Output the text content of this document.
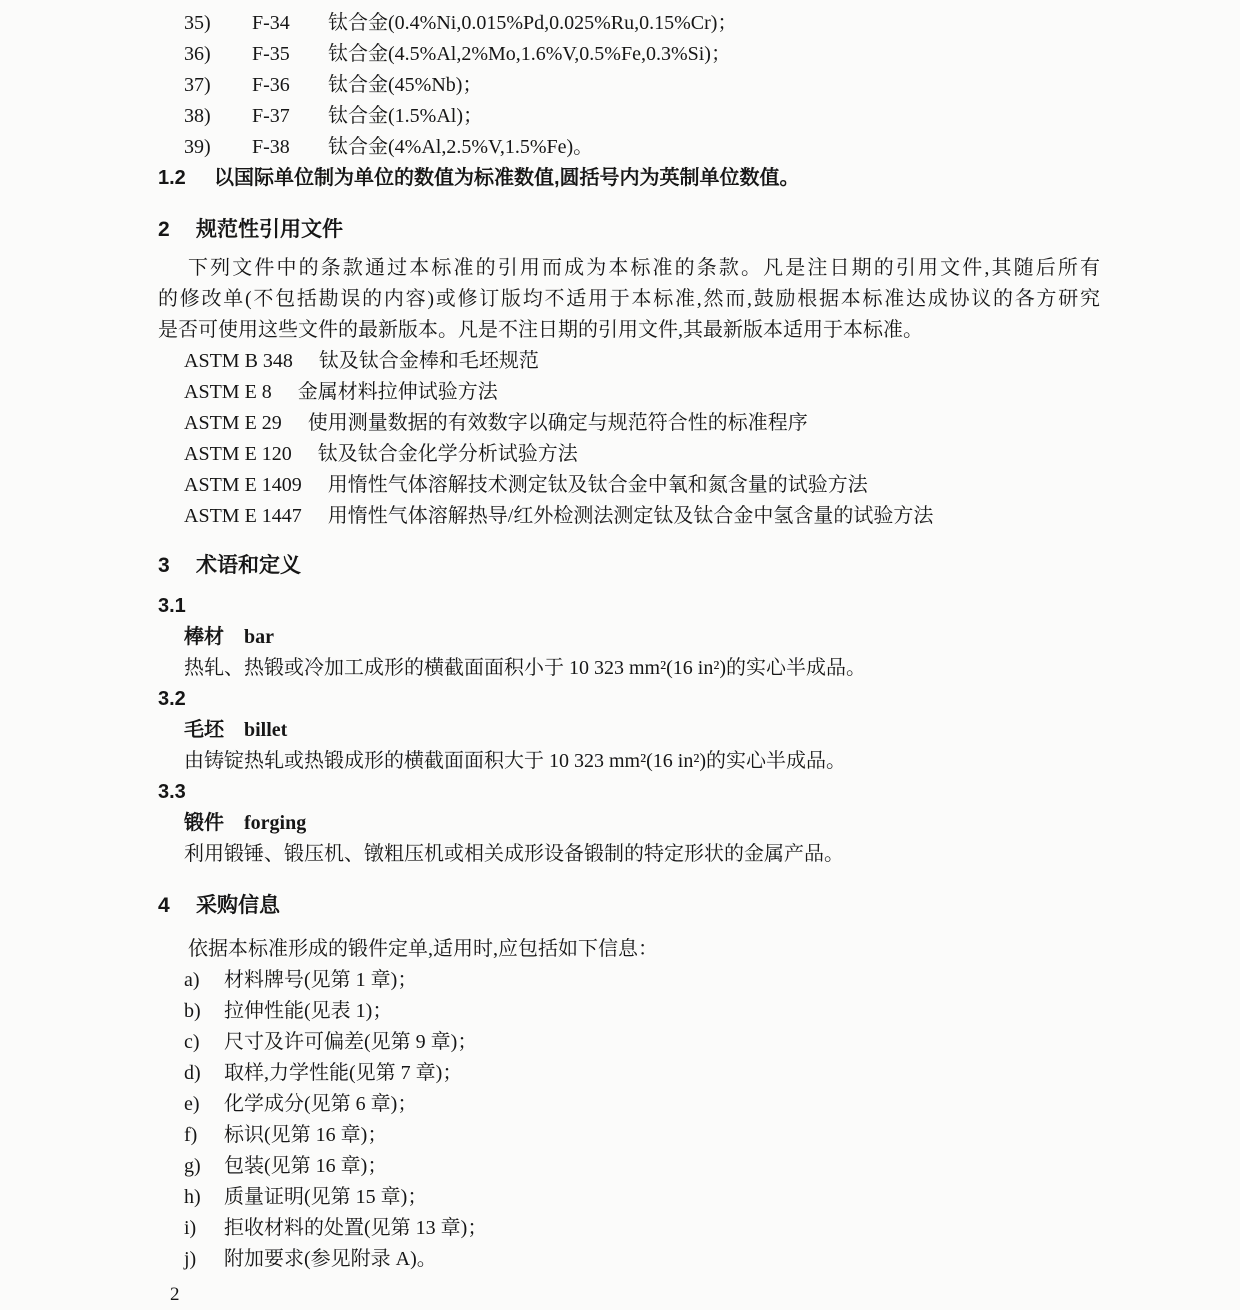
35) F-34 钛合金(0.4%Ni,0.015%Pd,0.025%Ru,0.15%Cr)；
36) F-35 钛合金(4.5%Al,2%Mo,1.6%V,0.5%Fe,0.3%Si)；
37) F-36 钛合金(45%Nb)；
38) F-37 钛合金(1.5%Al)；
39) F-38 钛合金(4%Al,2.5%V,1.5%Fe)。
1.2 以国际单位制为单位的数值为标准数值,圆括号内为英制单位数值。
2 规范性引用文件
下列文件中的条款通过本标准的引用而成为本标准的条款。凡是注日期的引用文件,其随后所有
的修改单(不包括勘误的内容)或修订版均不适用于本标准,然而,鼓励根据本标准达成协议的各方研究
是否可使用这些文件的最新版本。凡是不注日期的引用文件,其最新版本适用于本标准。
ASTM B 348 钛及钛合金棒和毛坯规范
ASTM E 8 金属材料拉伸试验方法
ASTM E 29 使用测量数据的有效数字以确定与规范符合性的标准程序
ASTM E 120 钛及钛合金化学分析试验方法
ASTM E 1409 用惰性气体溶解技术测定钛及钛合金中氧和氮含量的试验方法
ASTM E 1447 用惰性气体溶解热导/红外检测法测定钛及钛合金中氢含量的试验方法
3 术语和定义
3.1
棒材 bar
热轧、热锻或冷加工成形的横截面面积小于 10 323 mm²(16 in²)的实心半成品。
3.2
毛坯 billet
由铸锭热轧或热锻成形的横截面面积大于 10 323 mm²(16 in²)的实心半成品。
3.3
锻件 forging
利用锻锤、锻压机、镦粗压机或相关成形设备锻制的特定形状的金属产品。
4 采购信息
依据本标准形成的锻件定单,适用时,应包括如下信息：
a) 材料牌号(见第 1 章)；
b) 拉伸性能(见表 1)；
c) 尺寸及许可偏差(见第 9 章)；
d) 取样,力学性能(见第 7 章)；
e) 化学成分(见第 6 章)；
f) 标识(见第 16 章)；
g) 包装(见第 16 章)；
h) 质量证明(见第 15 章)；
i) 拒收材料的处置(见第 13 章)；
j) 附加要求(参见附录 A)。
2
